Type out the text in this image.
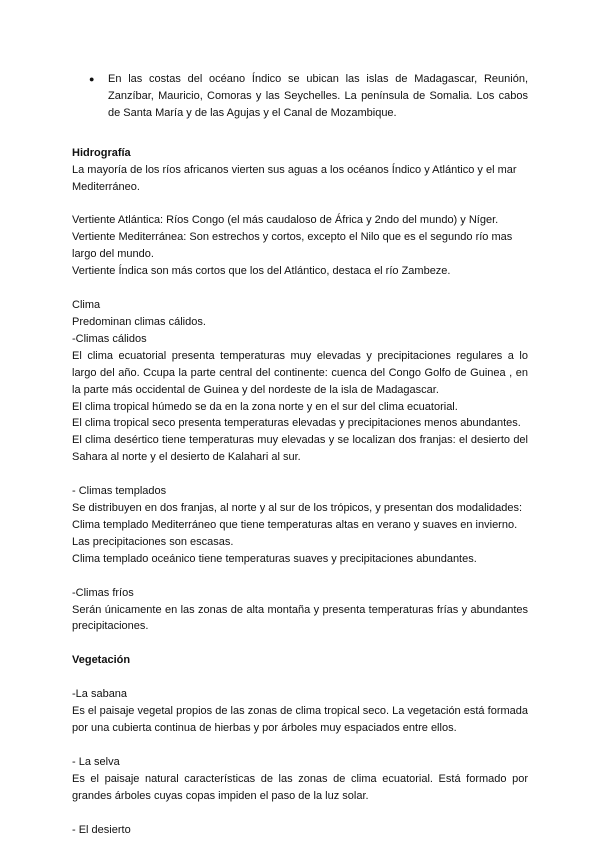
● En las costas del océano Índico se ubican las islas de Madagascar, Reunión, Zanzíbar, Mauricio, Comoras y las Seychelles. La península de Somalia. Los cabos de Santa María y de las Agujas y el Canal de Mozambique.

Hidrografía

La mayoría de los ríos africanos vierten sus aguas a los océanos Índico y Atlántico y el mar Mediterráneo.

Vertiente Atlántica: Ríos Congo (el más caudaloso de África y 2ndo del mundo) y Níger.

Vertiente Mediterránea: Son estrechos y cortos, excepto el Nilo que es el segundo río mas largo del mundo.

Vertiente Índica son más cortos que los del Atlántico, destaca el río Zambeze.

Clima

Predominan climas cálidos.

-Climas cálidos

El clima ecuatorial presenta temperaturas muy elevadas y precipitaciones regulares a lo largo del año. Ccupa la parte central del continente: cuenca del Congo Golfo de Guinea , en la parte más occidental de Guinea y del nordeste de la isla de Madagascar.

El clima tropical húmedo se da en la zona norte y en el sur del clima ecuatorial.

El clima tropical seco presenta temperaturas elevadas y precipitaciones menos abundantes.

El clima desértico tiene temperaturas muy elevadas y se localizan dos franjas: el desierto del Sahara al norte y el desierto de Kalahari al sur.

- Climas templados

Se distribuyen en dos franjas, al norte y al sur de los trópicos, y presentan dos modalidades:

Clima templado Mediterráneo que tiene temperaturas altas en verano y suaves en invierno. Las precipitaciones son escasas.

Clima templado oceánico tiene temperaturas suaves y precipitaciones abundantes.

-Climas fríos

Serán únicamente en las zonas de alta montaña y presenta temperaturas frías y abundantes precipitaciones.

Vegetación

-La sabana

Es el paisaje vegetal propios de las zonas de clima tropical seco. La vegetación está formada por una cubierta continua de hierbas y por árboles muy espaciados entre ellos.

- La selva

Es el paisaje natural características de las zonas de clima ecuatorial. Está formado por grandes árboles cuyas copas impiden el paso de la luz solar.

- El desierto
